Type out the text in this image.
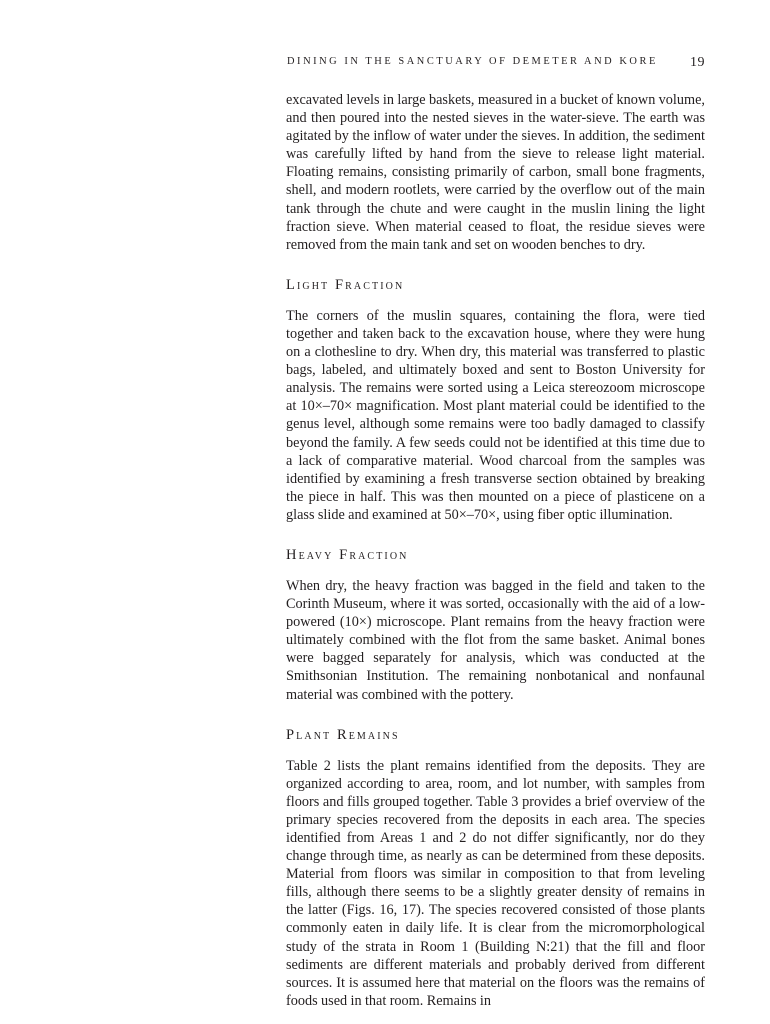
DINING IN THE SANCTUARY OF DEMETER AND KORE 19

excavated levels in large baskets, measured in a bucket of known volume, and then poured into the nested sieves in the water-sieve. The earth was agitated by the inflow of water under the sieves. In addition, the sediment was carefully lifted by hand from the sieve to release light material. Floating remains, consisting primarily of carbon, small bone fragments, shell, and modern rootlets, were carried by the overflow out of the main tank through the chute and were caught in the muslin lining the light fraction sieve. When material ceased to float, the residue sieves were removed from the main tank and set on wooden benches to dry.

Light Fraction

The corners of the muslin squares, containing the flora, were tied together and taken back to the excavation house, where they were hung on a clothesline to dry. When dry, this material was transferred to plastic bags, labeled, and ultimately boxed and sent to Boston University for analysis. The remains were sorted using a Leica stereozoom microscope at 10×–70× magnification. Most plant material could be identified to the genus level, although some remains were too badly damaged to classify beyond the family. A few seeds could not be identified at this time due to a lack of comparative material. Wood charcoal from the samples was identified by examining a fresh transverse section obtained by breaking the piece in half. This was then mounted on a piece of plasticene on a glass slide and examined at 50×–70×, using fiber optic illumination.

Heavy Fraction

When dry, the heavy fraction was bagged in the field and taken to the Corinth Museum, where it was sorted, occasionally with the aid of a low-powered (10×) microscope. Plant remains from the heavy fraction were ultimately combined with the flot from the same basket. Animal bones were bagged separately for analysis, which was conducted at the Smithsonian Institution. The remaining nonbotanical and nonfaunal material was combined with the pottery.

Plant Remains

Table 2 lists the plant remains identified from the deposits. They are organized according to area, room, and lot number, with samples from floors and fills grouped together. Table 3 provides a brief overview of the primary species recovered from the deposits in each area. The species identified from Areas 1 and 2 do not differ significantly, nor do they change through time, as nearly as can be determined from these deposits. Material from floors was similar in composition to that from leveling fills, although there seems to be a slightly greater density of remains in the latter (Figs. 16, 17). The species recovered consisted of those plants commonly eaten in daily life. It is clear from the micromorphological study of the strata in Room 1 (Building N:21) that the fill and floor sediments are different materials and probably derived from different sources. It is assumed here that material on the floors was the remains of foods used in that room. Remains in
